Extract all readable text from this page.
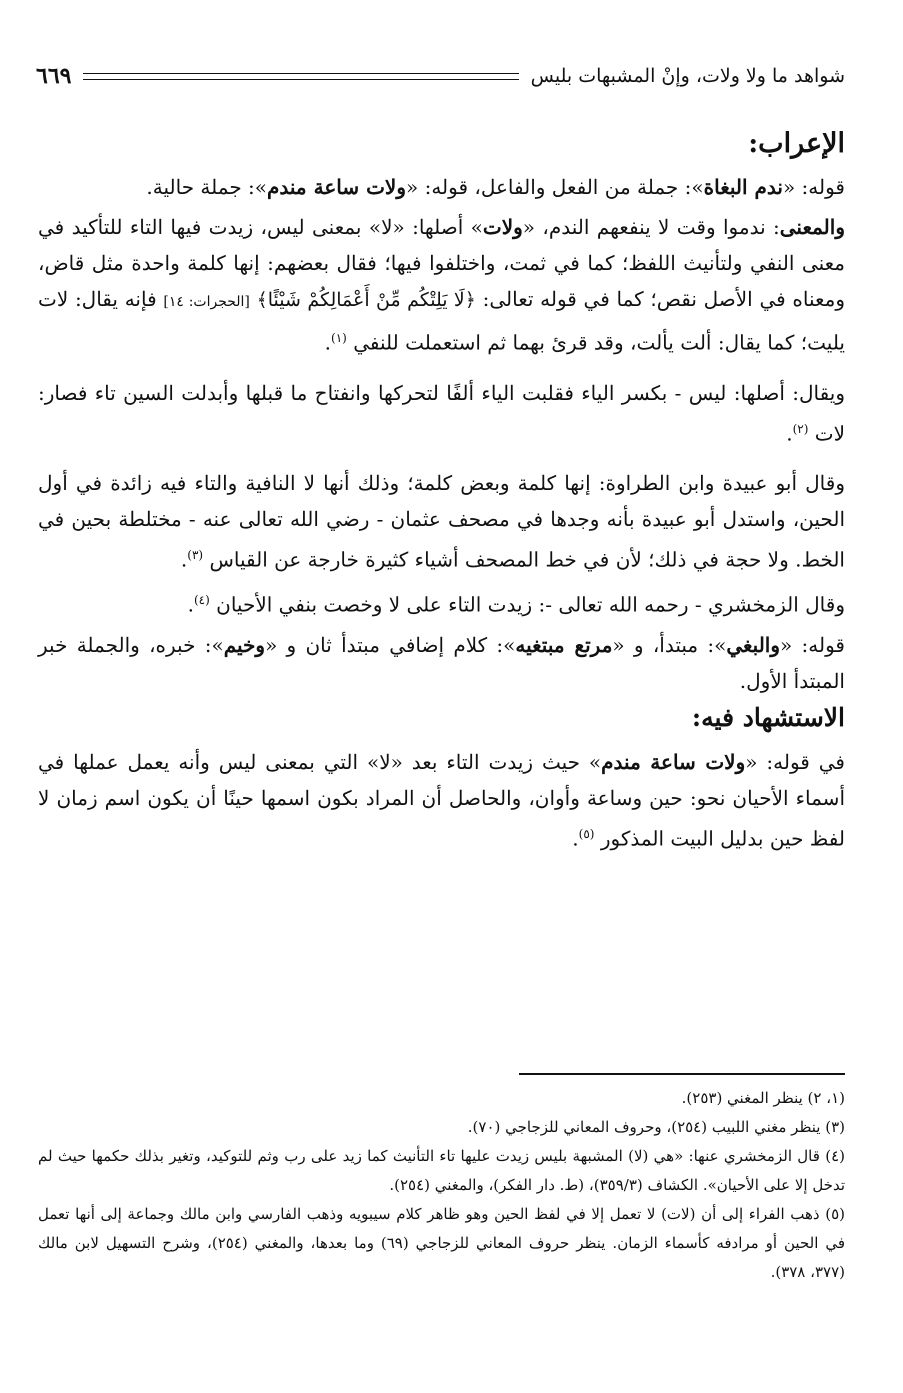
شواهد ما ولا ولات، وإنْ المشبهات بليس
٦٦٩
الإعراب:

قوله: «ندم البغاة»: جملة من الفعل والفاعل، قوله: «ولات ساعة مندم»: جملة حالية.

والمعنى: ندموا وقت لا ينفعهم الندم، «ولات» أصلها: «لا» بمعنى ليس، زيدت فيها التاء للتأكيد في معنى النفي ولتأنيث اللفظ؛ كما في ثمت، واختلفوا فيها؛ فقال بعضهم: إنها كلمة واحدة مثل قاض، ومعناه في الأصل نقص؛ كما في قوله تعالى: ﴿لَا يَلِتْكُم مِّنْ أَعْمَالِكُمْ شَيْئًا﴾ [الحجرات: ١٤] فإنه يقال: لات يليت؛ كما يقال: ألت يألت، وقد قرئ بهما ثم استعملت للنفي $^{(١)}$.

ويقال: أصلها: ليس - بكسر الياء فقلبت الياء ألفًا لتحركها وانفتاح ما قبلها وأبدلت السين تاء فصار: لات $^{(٢)}$.

وقال أبو عبيدة وابن الطراوة: إنها كلمة وبعض كلمة؛ وذلك أنها لا النافية والتاء فيه زائدة في أول الحين، واستدل أبو عبيدة بأنه وجدها في مصحف عثمان - رضي الله تعالى عنه - مختلطة بحين في الخط. ولا حجة في ذلك؛ لأن في خط المصحف أشياء كثيرة خارجة عن القياس $^{(٣)}$.

وقال الزمخشري - رحمه الله تعالى -: زيدت التاء على لا وخصت بنفي الأحيان $^{(٤)}$.

قوله: «والبغي»: مبتدأ، و «مرتع مبتغيه»: كلام إضافي مبتدأ ثان و «وخيم»: خبره، والجملة خبر المبتدأ الأول.

الاستشهاد فيه:

في قوله: «ولات ساعة مندم» حيث زيدت التاء بعد «لا» التي بمعنى ليس وأنه يعمل عملها في أسماء الأحيان نحو: حين وساعة وأوان، والحاصل أن المراد بكون اسمها حينًا أن يكون اسم زمان لا لفظ حين بدليل البيت المذكور $^{(٥)}$.

(١، ٢) ينظر المغني (٢٥٣).

(٣) ينظر مغني اللبيب (٢٥٤)، وحروف المعاني للزجاجي (٧٠).

(٤) قال الزمخشري عنها: «هي (لا) المشبهة بليس زيدت عليها تاء التأنيث كما زيد على رب وثم للتوكيد، وتغير بذلك حكمها حيث لم تدخل إلا على الأحيان». الكشاف (٣٥٩/٣)، (ط. دار الفكر)، والمغني (٢٥٤).

(٥) ذهب الفراء إلى أن (لات) لا تعمل إلا في لفظ الحين وهو ظاهر كلام سيبويه وذهب الفارسي وابن مالك وجماعة إلى أنها تعمل في الحين أو مرادفه كأسماء الزمان. ينظر حروف المعاني للزجاجي (٦٩) وما بعدها، والمغني (٢٥٤)، وشرح التسهيل لابن مالك (٣٧٧، ٣٧٨).
